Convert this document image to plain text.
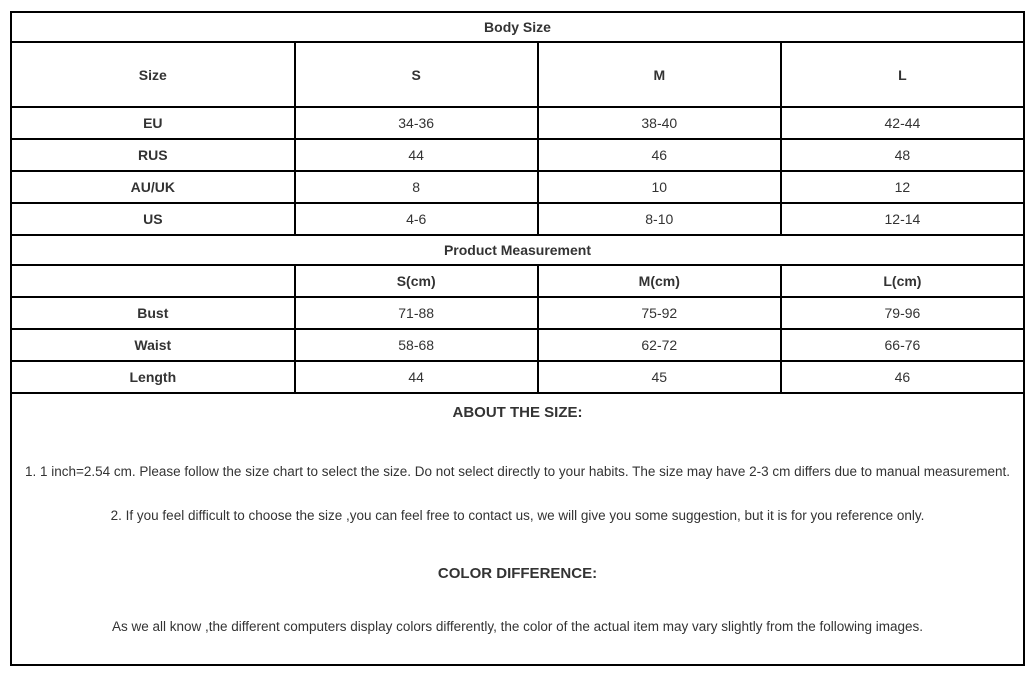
Body Size			
Size	S	M	L
EU	34-36	38-40	42-44
RUS	44	46	48
AU/UK	8	10	12
US	4-6	8-10	12-14
Product Measurement			
	S(cm)	M(cm)	L(cm)
Bust	71-88	75-92	79-96
Waist	58-68	62-72	66-76
Length	44	45	46

ABOUT THE SIZE:

1. 1 inch=2.54 cm. Please follow the size chart to select the size. Do not select directly to your habits. The size may have 2-3 cm differs due to manual measurement.

2. If you feel difficult to choose the size ,you can feel free to contact us, we will give you some suggestion, but it is for you reference only.

COLOR DIFFERENCE:

As we all know ,the different computers display colors differently, the color of the actual item may vary slightly from the following images.			
